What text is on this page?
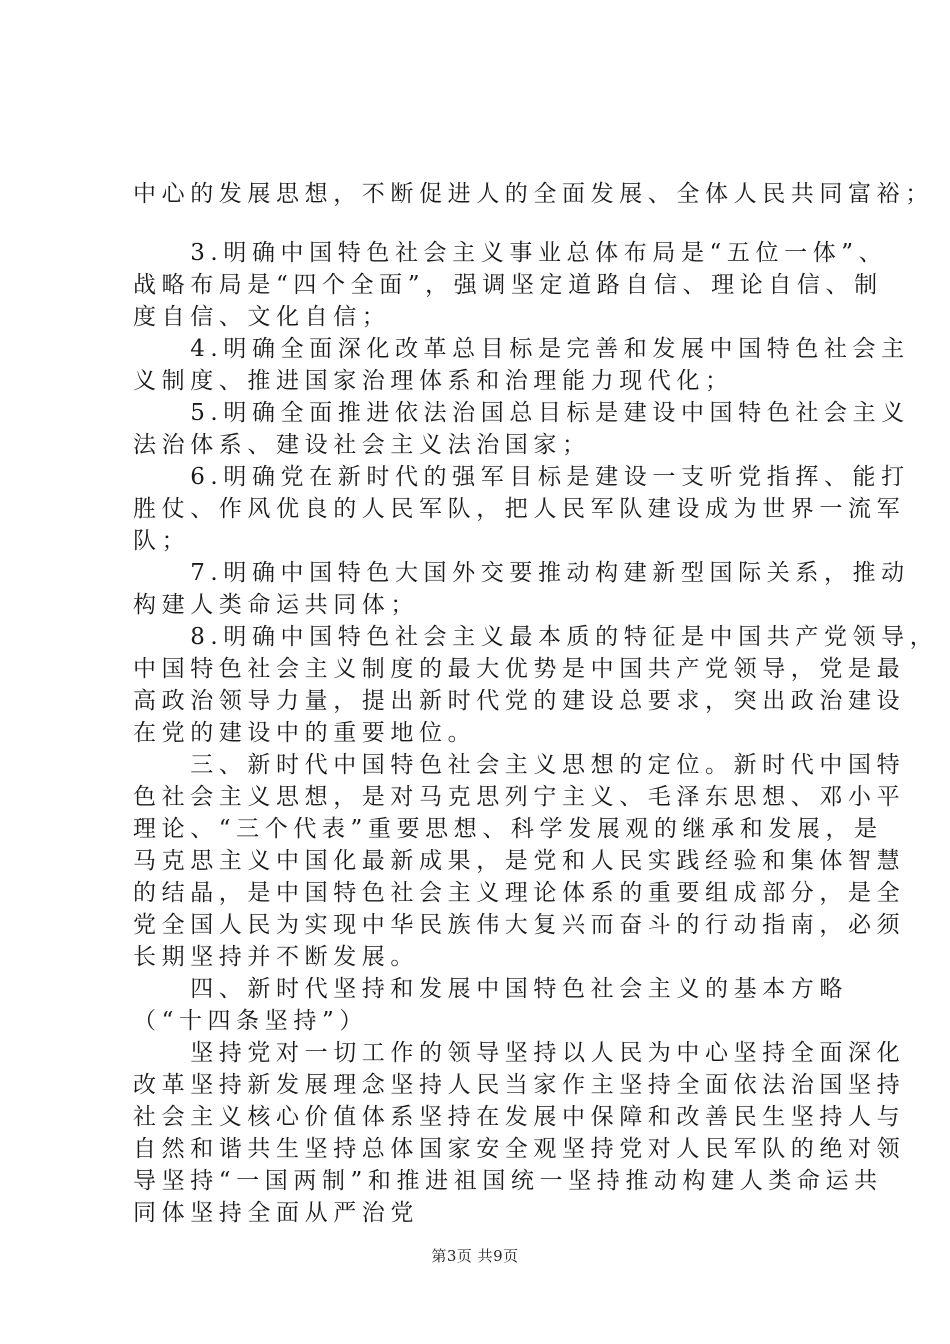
中心的发展思想，不断促进人的全面发展、全体人民共同富裕；
　　3.明确中国特色社会主义事业总体布局是“五位一体”、
战略布局是“四个全面”，强调坚定道路自信、理论自信、制
度自信、文化自信；
　　4.明确全面深化改革总目标是完善和发展中国特色社会主
义制度、推进国家治理体系和治理能力现代化；
　　5.明确全面推进依法治国总目标是建设中国特色社会主义
法治体系、建设社会主义法治国家；
　　6.明确党在新时代的强军目标是建设一支听党指挥、能打
胜仗、作风优良的人民军队，把人民军队建设成为世界一流军
队；
　　7.明确中国特色大国外交要推动构建新型国际关系，推动
构建人类命运共同体；
　　8.明确中国特色社会主义最本质的特征是中国共产党领导，
中国特色社会主义制度的最大优势是中国共产党领导，党是最
高政治领导力量，提出新时代党的建设总要求，突出政治建设
在党的建设中的重要地位。
　　三、新时代中国特色社会主义思想的定位。新时代中国特
色社会主义思想，是对马克思列宁主义、毛泽东思想、邓小平
理论、“三个代表”重要思想、科学发展观的继承和发展，是
马克思主义中国化最新成果，是党和人民实践经验和集体智慧
的结晶，是中国特色社会主义理论体系的重要组成部分，是全
党全国人民为实现中华民族伟大复兴而奋斗的行动指南，必须
长期坚持并不断发展。
　　四、新时代坚持和发展中国特色社会主义的基本方略
（“十四条坚持”）
　　坚持党对一切工作的领导坚持以人民为中心坚持全面深化
改革坚持新发展理念坚持人民当家作主坚持全面依法治国坚持
社会主义核心价值体系坚持在发展中保障和改善民生坚持人与
自然和谐共生坚持总体国家安全观坚持党对人民军队的绝对领
导坚持“一国两制”和推进祖国统一坚持推动构建人类命运共
同体坚持全面从严治党
第3页 共9页
